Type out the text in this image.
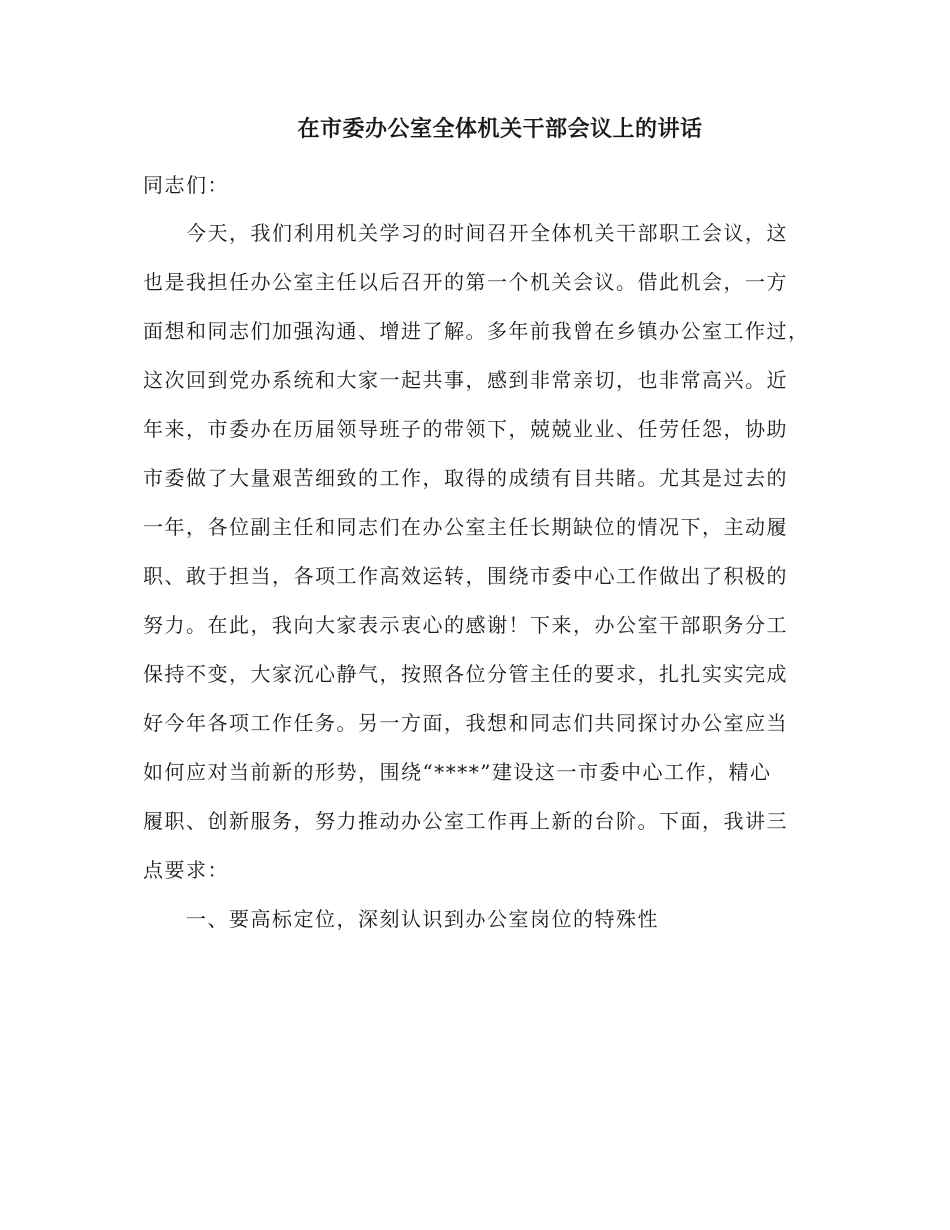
在市委办公室全体机关干部会议上的讲话

同志们：

今天，我们利用机关学习的时间召开全体机关干部职工会议，这

也是我担任办公室主任以后召开的第一个机关会议。借此机会，一方

面想和同志们加强沟通、增进了解。多年前我曾在乡镇办公室工作过，

这次回到党办系统和大家一起共事，感到非常亲切，也非常高兴。近

年来，市委办在历届领导班子的带领下，兢兢业业、任劳任怨，协助

市委做了大量艰苦细致的工作，取得的成绩有目共睹。尤其是过去的

一年，各位副主任和同志们在办公室主任长期缺位的情况下，主动履

职、敢于担当，各项工作高效运转，围绕市委中心工作做出了积极的

努力。在此，我向大家表示衷心的感谢！下来，办公室干部职务分工

保持不变，大家沉心静气，按照各位分管主任的要求，扎扎实实完成

好今年各项工作任务。另一方面，我想和同志们共同探讨办公室应当

如何应对当前新的形势，围绕“****”建设这一市委中心工作，精心

履职、创新服务，努力推动办公室工作再上新的台阶。下面，我讲三

点要求：

一、要高标定位，深刻认识到办公室岗位的特殊性
